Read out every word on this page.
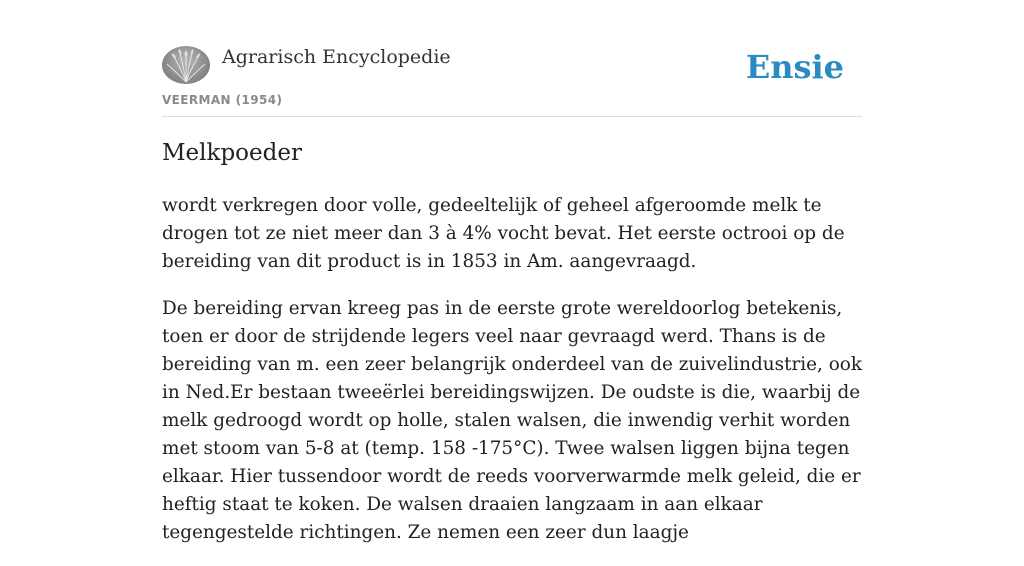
Agrarisch Encyclopedie
VEERMAN (1954)
Ensie
Melkpoeder

wordt verkregen door volle, gedeeltelijk of geheel afgeroomde melk te drogen tot ze niet meer dan 3 à 4% vocht bevat. Het eerste octrooi op de bereiding van dit product is in 1853 in Am. aangevraagd.

De bereiding ervan kreeg pas in de eerste grote wereldoorlog betekenis, toen er door de strijdende legers veel naar gevraagd werd. Thans is de bereiding van m. een zeer belangrijk onderdeel van de zuivelindustrie, ook in Ned.Er bestaan tweeërlei bereidingswijzen. De oudste is die, waarbij de melk gedroogd wordt op holle, stalen walsen, die inwendig verhit worden met stoom van 5-8 at (temp. 158 -175°C). Twee walsen liggen bijna tegen elkaar. Hier tussendoor wordt de reeds voorverwarmde melk geleid, die er heftig staat te koken. De walsen draaien langzaam in aan elkaar tegengestelde richtingen. Ze nemen een zeer dun laagje
